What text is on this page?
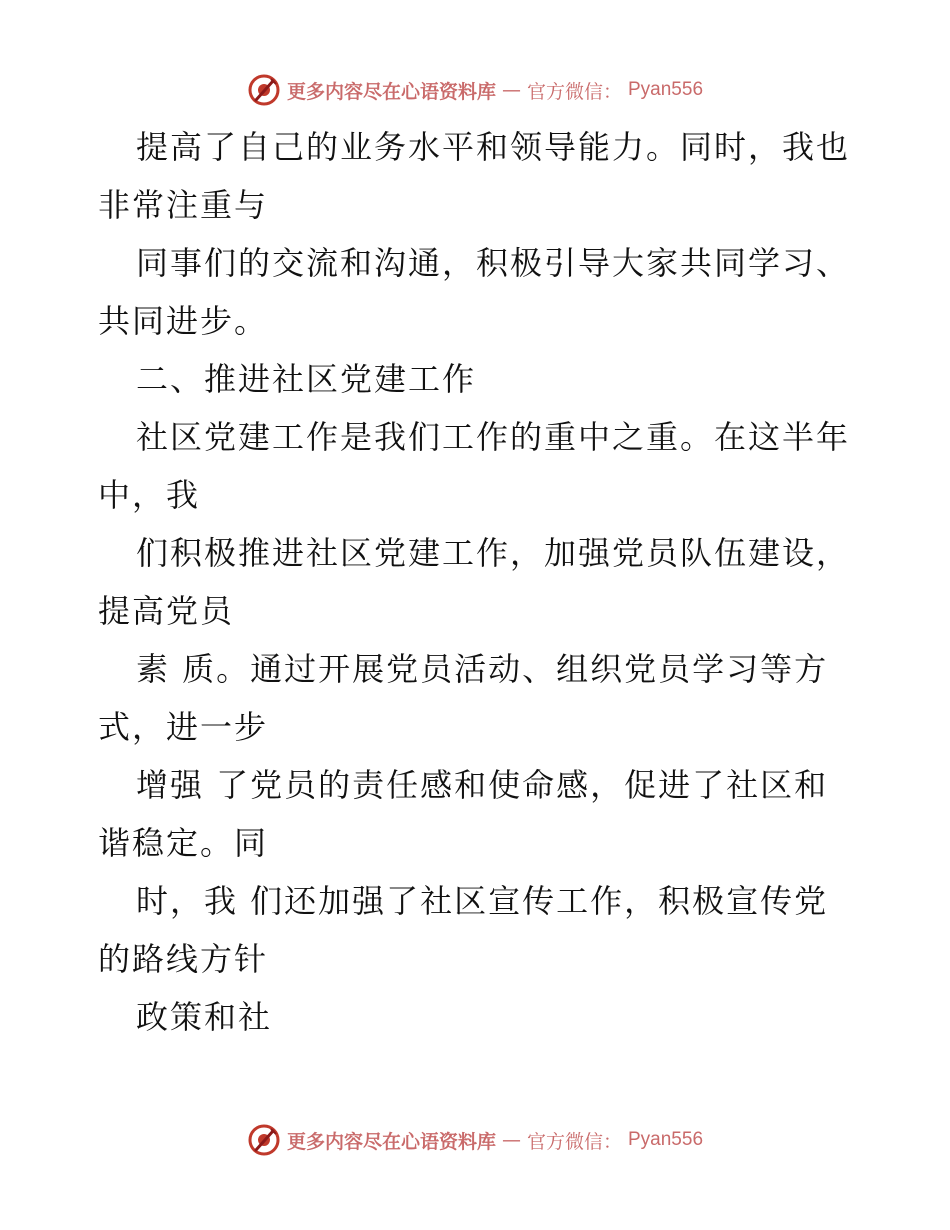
更多内容尽在心语资料库 — 官方微信： Pyan556
提高了自己的业务水平和领导能力。同时，我也
非常注重与
同事们的交流和沟通，积极引导大家共同学习、
共同进步。
二、推进社区党建工作
社区党建工作是我们工作的重中之重。在这半年
中，我
们积极推进社区党建工作，加强党员队伍建设，
提高党员
素 质。通过开展党员活动、组织党员学习等方
式，进一步
增强 了党员的责任感和使命感，促进了社区和
谐稳定。同
时，我 们还加强了社区宣传工作，积极宣传党
的路线方针
政策和社
更多内容尽在心语资料库 — 官方微信： Pyan556
